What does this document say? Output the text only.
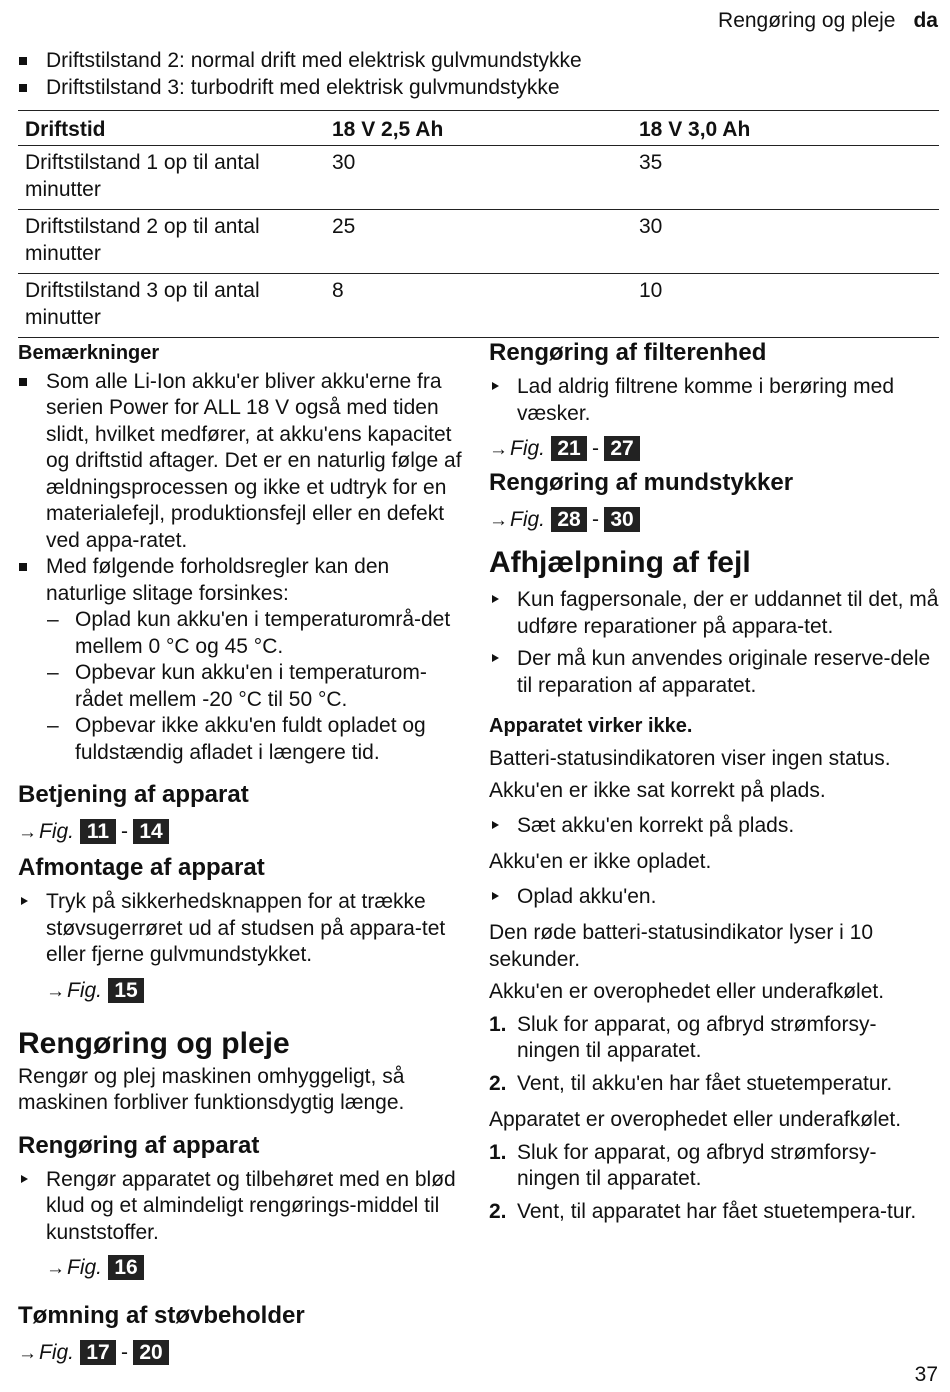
Rengøring og pleje da
Driftstilstand 2: normal drift med elektrisk gulvmundstykke
Driftstilstand 3: turbodrift med elektrisk gulvmundstykke
Driftstid	18 V 2,5 Ah	18 V 3,0 Ah
Driftstilstand 1 op til antal minutter	30	35
Driftstilstand 2 op til antal minutter	25	30
Driftstilstand 3 op til antal minutter	8	10
Bemærkninger
Som alle Li-Ion akku'er bliver akku'erne fra serien Power for ALL 18 V også med tiden slidt, hvilket medfører, at akku'ens kapacitet og driftstid aftager. Det er en naturlig følge af ældningsprocessen og ikke et udtryk for en materialefejl, produktionsfejl eller en defekt ved appa-ratet.
Med følgende forholdsregler kan den naturlige slitage forsinkes:
– Oplad kun akku'en i temperaturområ-det mellem 0 °C og 45 °C.
– Opbevar kun akku'en i temperaturom-rådet mellem -20 °C til 50 °C.
– Opbevar ikke akku'en fuldt opladet og fuldstændig afladet i længere tid.
Betjening af apparat
→Fig. 11 - 14
Afmontage af apparat
Tryk på sikkerhedsknappen for at trække støvsugerrøret ud af studsen på appara-tet eller fjerne gulvmundstykket.
→Fig. 15
Rengøring og pleje
Rengør og plej maskinen omhyggeligt, så maskinen forbliver funktionsdygtig længe.
Rengøring af apparat
Rengør apparatet og tilbehøret med en blød klud og et almindeligt rengørings-middel til kunststoffer.
→Fig. 16
Tømning af støvbeholder
→Fig. 17 - 20
Rengøring af filterenhed
Lad aldrig filtrene komme i berøring med væsker.
→Fig. 21 - 27
Rengøring af mundstykker
→Fig. 28 - 30
Afhjælpning af fejl
Kun fagpersonale, der er uddannet til det, må udføre reparationer på appara-tet.
Der må kun anvendes originale reserve-dele til reparation af apparatet.
Apparatet virker ikke.
Batteri-statusindikatoren viser ingen status.
Akku'en er ikke sat korrekt på plads.
Sæt akku'en korrekt på plads.
Akku'en er ikke opladet.
Oplad akku'en.
Den røde batteri-statusindikator lyser i 10 sekunder.
Akku'en er overophedet eller underafkølet.
1. Sluk for apparat, og afbryd strømforsy-ningen til apparatet.
2. Vent, til akku'en har fået stuetemperatur.
Apparatet er overophedet eller underafkølet.
1. Sluk for apparat, og afbryd strømforsy-ningen til apparatet.
2. Vent, til apparatet har fået stuetempera-tur.
37
